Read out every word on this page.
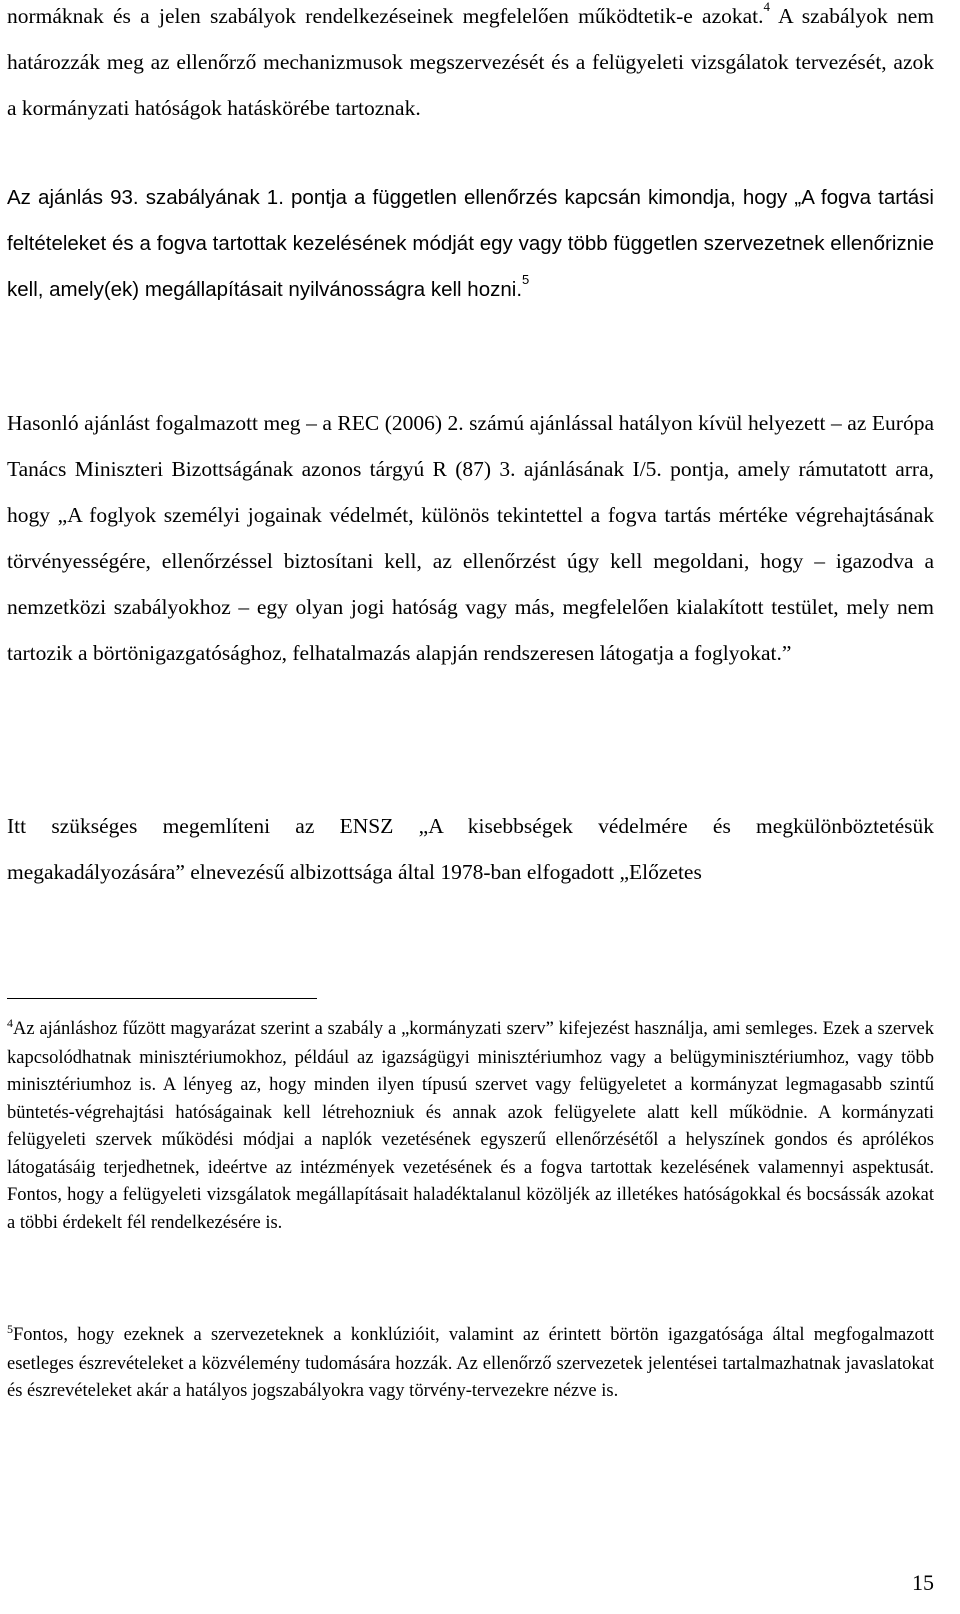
normáknak és a jelen szabályok rendelkezéseinek megfelelően működtetik-e azokat.$^4$ A szabályok nem határozzák meg az ellenőrző mechanizmusok megszervezését és a felügyeleti vizsgálatok tervezését, azok a kormányzati hatóságok hatáskörébe tartoznak.

Az ajánlás 93. szabályának 1. pontja a független ellenőrzés kapcsán kimondja, hogy „A fogva tartási feltételeket és a fogva tartottak kezelésének módját egy vagy több független szervezetnek ellenőriznie kell, amely(ek) megállapításait nyilvánosságra kell hozni.$^5$

Hasonló ajánlást fogalmazott meg – a REC (2006) 2. számú ajánlással hatályon kívül helyezett – az Európa Tanács Miniszteri Bizottságának azonos tárgyú R (87) 3. ajánlásának I/5. pontja, amely rámutatott arra, hogy „A foglyok személyi jogainak védelmét, különös tekintettel a fogva tartás mértéke végrehajtásának törvényességére, ellenőrzéssel biztosítani kell, az ellenőrzést úgy kell megoldani, hogy – igazodva a nemzetközi szabályokhoz – egy olyan jogi hatóság vagy más, megfelelően kialakított testület, mely nem tartozik a börtönigazgatósághoz, felhatalmazás alapján rendszeresen látogatja a foglyokat.”

Itt szükséges megemlíteni az ENSZ „A kisebbségek védelmére és megkülönböztetésük megakadályozására” elnevezésű albizottsága által 1978-ban elfogadott „Előzetes

$^4$Az ajánláshoz fűzött magyarázat szerint a szabály a „kormányzati szerv” kifejezést használja, ami semleges. Ezek a szervek kapcsolódhatnak minisztériumokhoz, például az igazságügyi minisztériumhoz vagy a belügyminisztériumhoz, vagy több minisztériumhoz is. A lényeg az, hogy minden ilyen típusú szervet vagy felügyeletet a kormányzat legmagasabb szintű büntetés-végrehajtási hatóságainak kell létrehozniuk és annak azok felügyelete alatt kell működnie. A kormányzati felügyeleti szervek működési módjai a naplók vezetésének egyszerű ellenőrzésétől a helyszínek gondos és aprólékos látogatásáig terjedhetnek, ideértve az intézmények vezetésének és a fogva tartottak kezelésének valamennyi aspektusát. Fontos, hogy a felügyeleti vizsgálatok megállapításait haladéktalanul közöljék az illetékes hatóságokkal és bocsássák azokat a többi érdekelt fél rendelkezésére is.

$^5$Fontos, hogy ezeknek a szervezeteknek a konklúzióit, valamint az érintett börtön igazgatósága által megfogalmazott esetleges észrevételeket a közvélemény tudomására hozzák. Az ellenőrző szervezetek jelentései tartalmazhatnak javaslatokat és észrevételeket akár a hatályos jogszabályokra vagy törvény-tervezekre nézve is.

15
